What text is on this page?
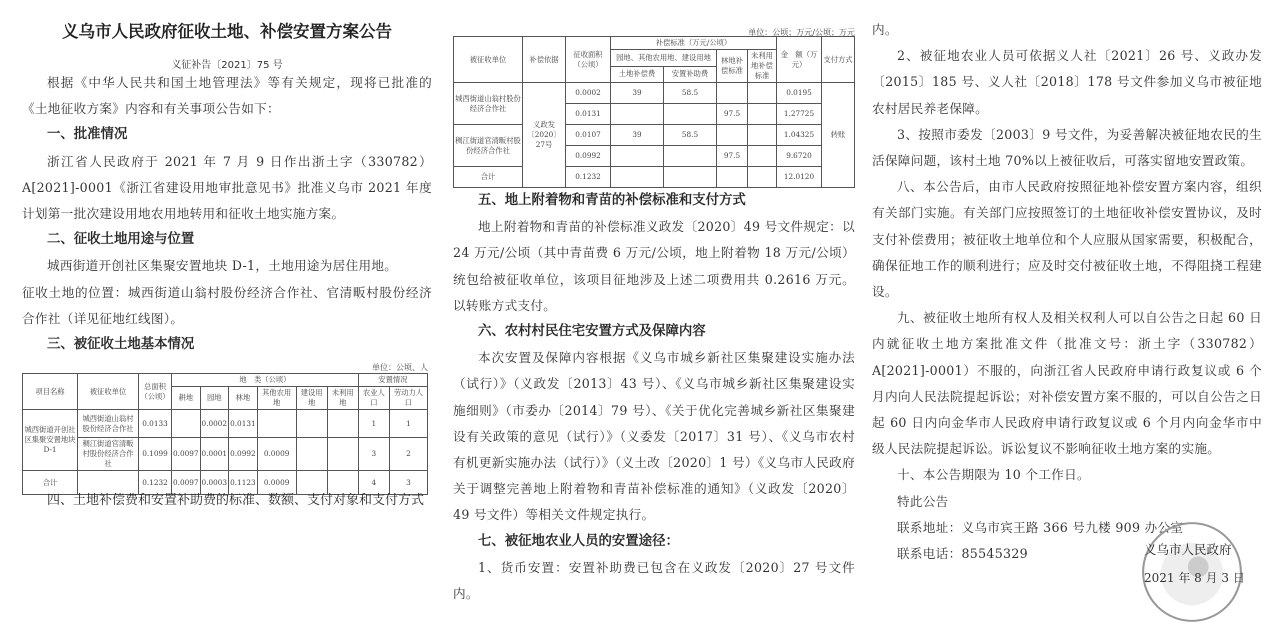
义乌市人民政府征收土地、补偿安置方案公告

义征补告〔2021〕75 号

根据《中华人民共和国土地管理法》等有关规定，现将已批准的《土地征收方案》内容和有关事项公告如下：

一、批准情况

浙江省人民政府于 2021 年 7 月 9 日作出浙土字（330782）A[2021]-0001《浙江省建设用地审批意见书》批准义乌市 2021 年度计划第一批次建设用地农用地转用和征收土地实施方案。

二、征收土地用途与位置

城西街道开创社区集聚安置地块 D-1，土地用途为居住用地。

征收土地的位置：城西街道山翁村股份经济合作社、官清畈村股份经济合作社（详见征地红线图）。

三、被征收土地基本情况

单位：公顷、人

项目名称	被征收单位	总面积（公顷）	地　类（公顷）						安置情况	
			耕地	园地	林地	其他农用地	建设用地	未利用地	农业人口	劳动力人口
城西街道开创社区集聚安置地块D-1	城西街道山翁村股份经济合作社	0.0133		0.0002	0.0131				1	1
	稠江街道官清畈村股份经济合作社	0.1099	0.0097	0.0001	0.0992	0.0009			3	2
合计		0.1232	0.0097	0.0003	0.1123	0.0009			4	3

四、土地补偿费和安置补助费的标准、数额、支付对象和支付方式

单位：公顷；万元/公顷；万元

被征收单位	补偿依据	征收面积（公顷）	补偿标准（万元/公顷）				金　额（万元）	支付方式
			园地、其他农用地、建设用地		林地补偿标准	未利用地补偿标准		
			土地补偿费	安置补助费				
城西街道山翁村股份经济合作社	义政发〔2020〕27号	0.0002	39	58.5			0.0195	转账
		0.0131			97.5		1.27725	
稠江街道官清畈村股份经济合作社		0.0107	39	58.5			1.04325	
		0.0992			97.5		9.6720	
合计		0.1232					12.0120	

五、地上附着物和青苗的补偿标准和支付方式

地上附着物和青苗的补偿标准义政发〔2020〕49 号文件规定：以 24 万元/公顷（其中青苗费 6 万元/公顷，地上附着物 18 万元/公顷）统包给被征收单位，该项目征地涉及上述二项费用共 0.2616 万元。以转账方式支付。

六、农村村民住宅安置方式及保障内容

本次安置及保障内容根据《义乌市城乡新社区集聚建设实施办法（试行）》（义政发〔2013〕43 号）、《义乌市城乡新社区集聚建设实施细则》（市委办〔2014〕79 号）、《关于优化完善城乡新社区集聚建设有关政策的意见（试行）》（义委发〔2017〕31 号）、《义乌市农村有机更新实施办法（试行）》（义土改〔2020〕1 号）《义乌市人民政府关于调整完善地上附着物和青苗补偿标准的通知》（义政发〔2020〕49 号文件）等相关文件规定执行。

七、被征地农业人员的安置途径：

1、货币安置：安置补助费已包含在义政发〔2020〕27 号文件内。

内。

2、被征地农业人员可依据义人社〔2021〕26 号、义政办发〔2015〕185 号、义人社〔2018〕178 号文件参加义乌市被征地农村居民养老保障。

3、按照市委发〔2003〕9 号文件，为妥善解决被征地农民的生活保障问题，该村土地 70%以上被征收后，可落实留地安置政策。

八、本公告后，由市人民政府按照征地补偿安置方案内容，组织有关部门实施。有关部门应按照签订的土地征收补偿安置协议，及时支付补偿费用；被征收土地单位和个人应服从国家需要，积极配合，确保征地工作的顺利进行；应及时交付被征收土地，不得阻挠工程建设。

九、被征收土地所有权人及相关权利人可以自公告之日起 60 日内就征收土地方案批准文件（批准文号：浙土字（330782）A[2021]-0001）不服的，向浙江省人民政府申请行政复议或 6 个月内向人民法院提起诉讼；对补偿安置方案不服的，可以自公告之日起 60 日内向金华市人民政府申请行政复议或 6 个月内向金华市中级人民法院提起诉讼。诉讼复议不影响征收土地方案的实施。

十、本公告期限为 10 个工作日。

特此公告

联系地址：义乌市宾王路 366 号九楼 909 办公室

联系电话：85545329	义乌市人民政府
2021 年 8 月 3 日
